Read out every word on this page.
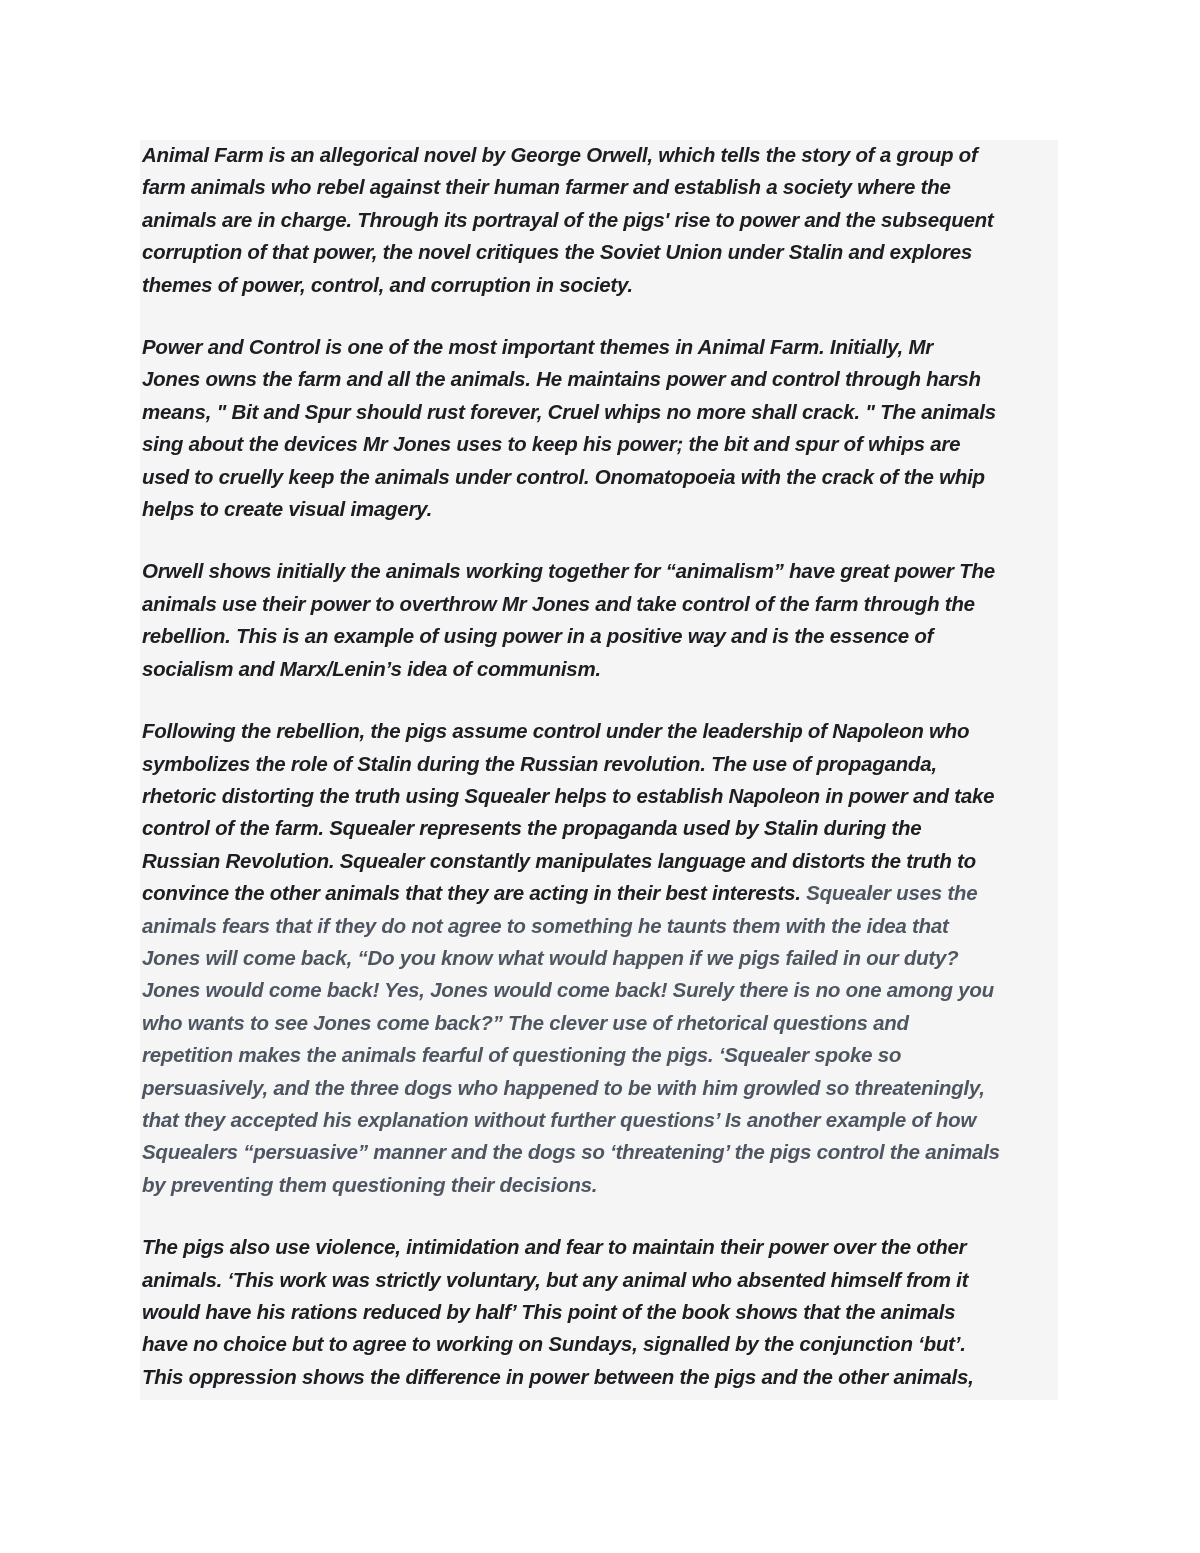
Animal Farm is an allegorical novel by George Orwell, which tells the story of a group of
farm animals who rebel against their human farmer and establish a society where the
animals are in charge. Through its portrayal of the pigs' rise to power and the subsequent
corruption of that power, the novel critiques the Soviet Union under Stalin and explores
themes of power, control, and corruption in society.

Power and Control is one of the most important themes in Animal Farm. Initially, Mr
Jones owns the farm and all the animals. He maintains power and control through harsh
means, " Bit and Spur should rust forever, Cruel whips no more shall crack. " The animals
sing about the devices Mr Jones uses to keep his power; the bit and spur of whips are
used to cruelly keep the animals under control. Onomatopoeia with the crack of the whip
helps to create visual imagery.

Orwell shows initially the animals working together for “animalism” have great power The
animals use their power to overthrow Mr Jones and take control of the farm through the
rebellion. This is an example of using power in a positive way and is the essence of
socialism and Marx/Lenin’s idea of communism.

Following the rebellion, the pigs assume control under the leadership of Napoleon who
symbolizes the role of Stalin during the Russian revolution. The use of propaganda,
rhetoric distorting the truth using Squealer helps to establish Napoleon in power and take
control of the farm. Squealer represents the propaganda used by Stalin during the
Russian Revolution. Squealer constantly manipulates language and distorts the truth to
convince the other animals that they are acting in their best interests. Squealer uses the
animals fears that if they do not agree to something he taunts them with the idea that
Jones will come back, “Do you know what would happen if we pigs failed in our duty?
Jones would come back! Yes, Jones would come back! Surely there is no one among you
who wants to see Jones come back?” The clever use of rhetorical questions and
repetition makes the animals fearful of questioning the pigs. ‘Squealer spoke so
persuasively, and the three dogs who happened to be with him growled so threateningly,
that they accepted his explanation without further questions’ Is another example of how
Squealers “persuasive” manner and the dogs so ‘threatening’ the pigs control the animals
by preventing them questioning their decisions.

The pigs also use violence, intimidation and fear to maintain their power over the other
animals. ‘This work was strictly voluntary, but any animal who absented himself from it
would have his rations reduced by half’ This point of the book shows that the animals
have no choice but to agree to working on Sundays, signalled by the conjunction ‘but’.
This oppression shows the difference in power between the pigs and the other animals,
